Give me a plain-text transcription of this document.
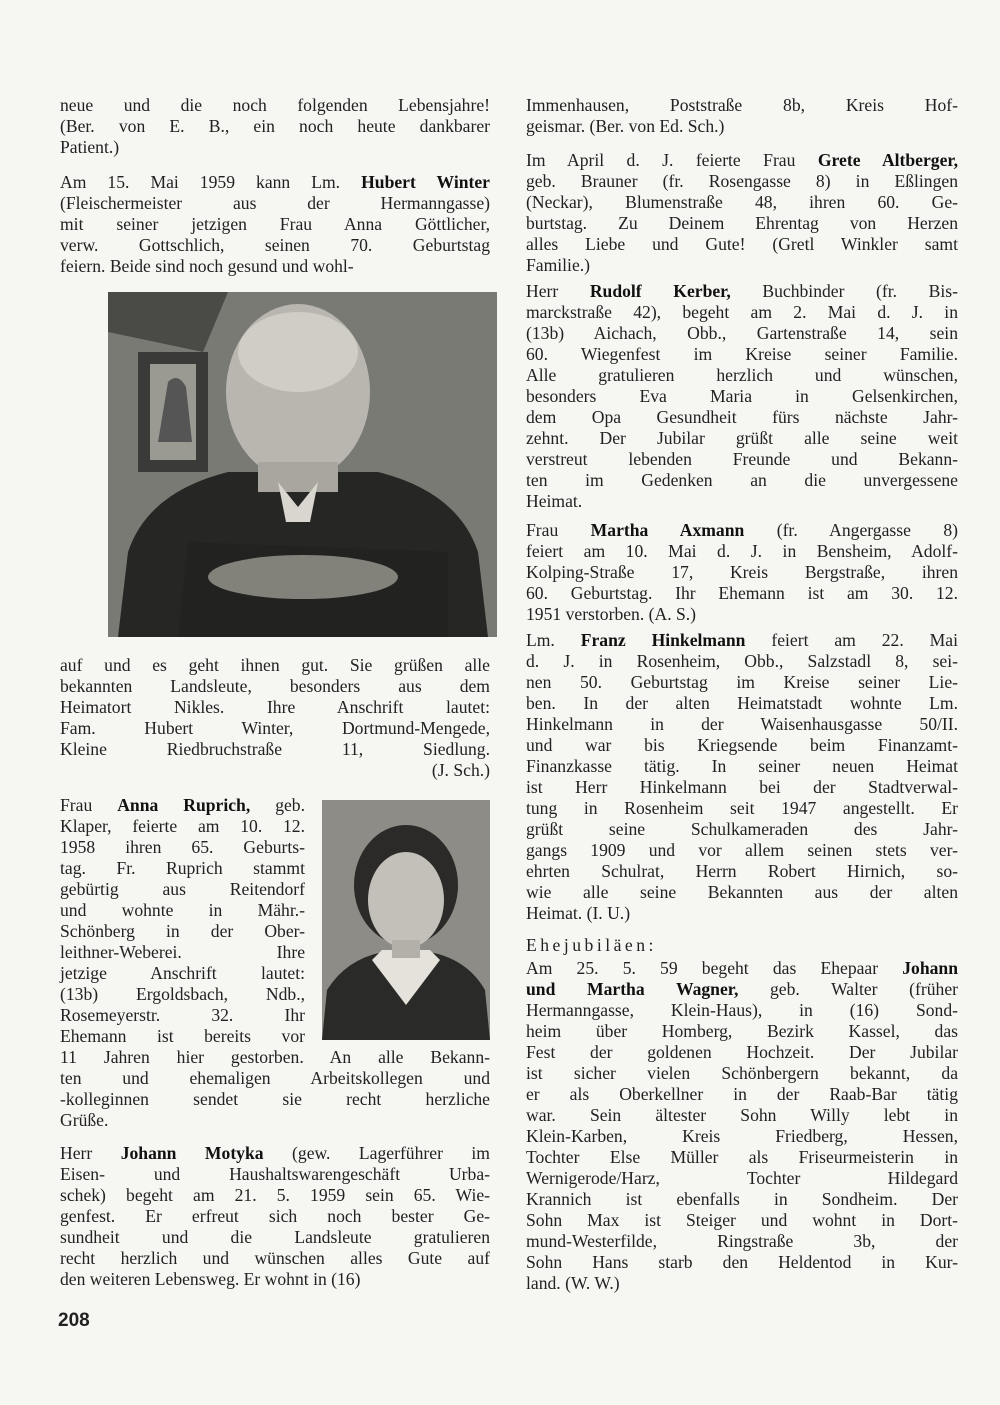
neue und die noch folgenden Lebensjahre!
(Ber. von E. B., ein noch heute dankbarer
Patient.)
Am 15. Mai 1959 kann Lm. Hubert Winter
(Fleischermeister aus der Hermanngasse)
mit seiner jetzigen Frau Anna Göttlicher,
verw. Gottschlich, seinen 70. Geburtstag
feiern. Beide sind noch gesund und wohl-
auf und es geht ihnen gut. Sie grüßen alle
bekannten Landsleute, besonders aus dem
Heimatort Nikles. Ihre Anschrift lautet:
Fam. Hubert Winter, Dortmund-Mengede,
Kleine Riedbruchstraße 11, Siedlung.
(J. Sch.)
Frau Anna Ruprich, geb.
Klaper, feierte am 10. 12.
1958 ihren 65. Geburts-
tag. Fr. Ruprich stammt
gebürtig aus Reitendorf
und wohnte in Mähr.-
Schönberg in der Ober-
leithner-Weberei. Ihre
jetzige Anschrift lautet:
(13b) Ergoldsbach, Ndb.,
Rosemeyerstr. 32. Ihr
Ehemann ist bereits vor
11 Jahren hier gestorben. An alle Bekann-
ten und ehemaligen Arbeitskollegen und
-kolleginnen sendet sie recht herzliche
Grüße.
Herr Johann Motyka (gew. Lagerführer im
Eisen- und Haushaltswarengeschäft Urba-
schek) begeht am 21. 5. 1959 sein 65. Wie-
genfest. Er erfreut sich noch bester Ge-
sundheit und die Landsleute gratulieren
recht herzlich und wünschen alles Gute auf
den weiteren Lebensweg. Er wohnt in (16)
Immenhausen, Poststraße 8b, Kreis Hof-
geismar. (Ber. von Ed. Sch.)
Im April d. J. feierte Frau Grete Altberger,
geb. Brauner (fr. Rosengasse 8) in Eßlingen
(Neckar), Blumenstraße 48, ihren 60. Ge-
burtstag. Zu Deinem Ehrentag von Herzen
alles Liebe und Gute! (Gretl Winkler samt
Familie.)
Herr Rudolf Kerber, Buchbinder (fr. Bis-
marckstraße 42), begeht am 2. Mai d. J. in
(13b) Aichach, Obb., Gartenstraße 14, sein
60. Wiegenfest im Kreise seiner Familie.
Alle gratulieren herzlich und wünschen,
besonders Eva Maria in Gelsenkirchen,
dem Opa Gesundheit fürs nächste Jahr-
zehnt. Der Jubilar grüßt alle seine weit
verstreut lebenden Freunde und Bekann-
ten im Gedenken an die unvergessene
Heimat.
Frau Martha Axmann (fr. Angergasse 8)
feiert am 10. Mai d. J. in Bensheim, Adolf-
Kolping-Straße 17, Kreis Bergstraße, ihren
60. Geburtstag. Ihr Ehemann ist am 30. 12.
1951 verstorben. (A. S.)
Lm. Franz Hinkelmann feiert am 22. Mai
d. J. in Rosenheim, Obb., Salzstadl 8, sei-
nen 50. Geburtstag im Kreise seiner Lie-
ben. In der alten Heimatstadt wohnte Lm.
Hinkelmann in der Waisenhausgasse 50/II.
und war bis Kriegsende beim Finanzamt-
Finanzkasse tätig. In seiner neuen Heimat
ist Herr Hinkelmann bei der Stadtverwal-
tung in Rosenheim seit 1947 angestellt. Er
grüßt seine Schulkameraden des Jahr-
gangs 1909 und vor allem seinen stets ver-
ehrten Schulrat, Herrn Robert Hirnich, so-
wie alle seine Bekannten aus der alten
Heimat. (I. U.)
Ehejubiläen:
Am 25. 5. 59 begeht das Ehepaar Johann
und Martha Wagner, geb. Walter (früher
Hermanngasse, Klein-Haus), in (16) Sond-
heim über Homberg, Bezirk Kassel, das
Fest der goldenen Hochzeit. Der Jubilar
ist sicher vielen Schönbergern bekannt, da
er als Oberkellner in der Raab-Bar tätig
war. Sein ältester Sohn Willy lebt in
Klein-Karben, Kreis Friedberg, Hessen,
Tochter Else Müller als Friseurmeisterin in
Wernigerode/Harz, Tochter Hildegard
Krannich ist ebenfalls in Sondheim. Der
Sohn Max ist Steiger und wohnt in Dort-
mund-Westerfilde, Ringstraße 3b, der
Sohn Hans starb den Heldentod in Kur-
land. (W. W.)
208
